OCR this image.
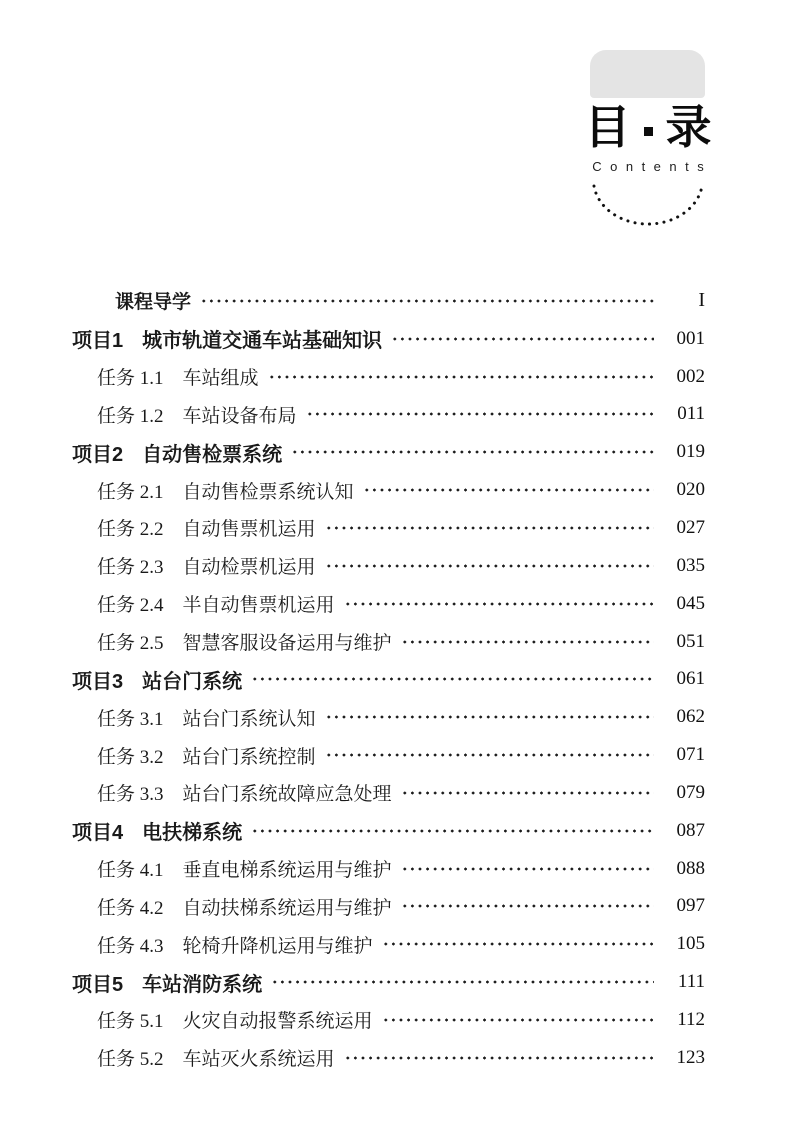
目 录
Contents
课程导学	I
项目1 城市轨道交通车站基础知识	001
任务 1.1 车站组成	002
任务 1.2 车站设备布局	011
项目2 自动售检票系统	019
任务 2.1 自动售检票系统认知	020
任务 2.2 自动售票机运用	027
任务 2.3 自动检票机运用	035
任务 2.4 半自动售票机运用	045
任务 2.5 智慧客服设备运用与维护	051
项目3 站台门系统	061
任务 3.1 站台门系统认知	062
任务 3.2 站台门系统控制	071
任务 3.3 站台门系统故障应急处理	079
项目4 电扶梯系统	087
任务 4.1 垂直电梯系统运用与维护	088
任务 4.2 自动扶梯系统运用与维护	097
任务 4.3 轮椅升降机运用与维护	105
项目5 车站消防系统	111
任务 5.1 火灾自动报警系统运用	112
任务 5.2 车站灭火系统运用	123
